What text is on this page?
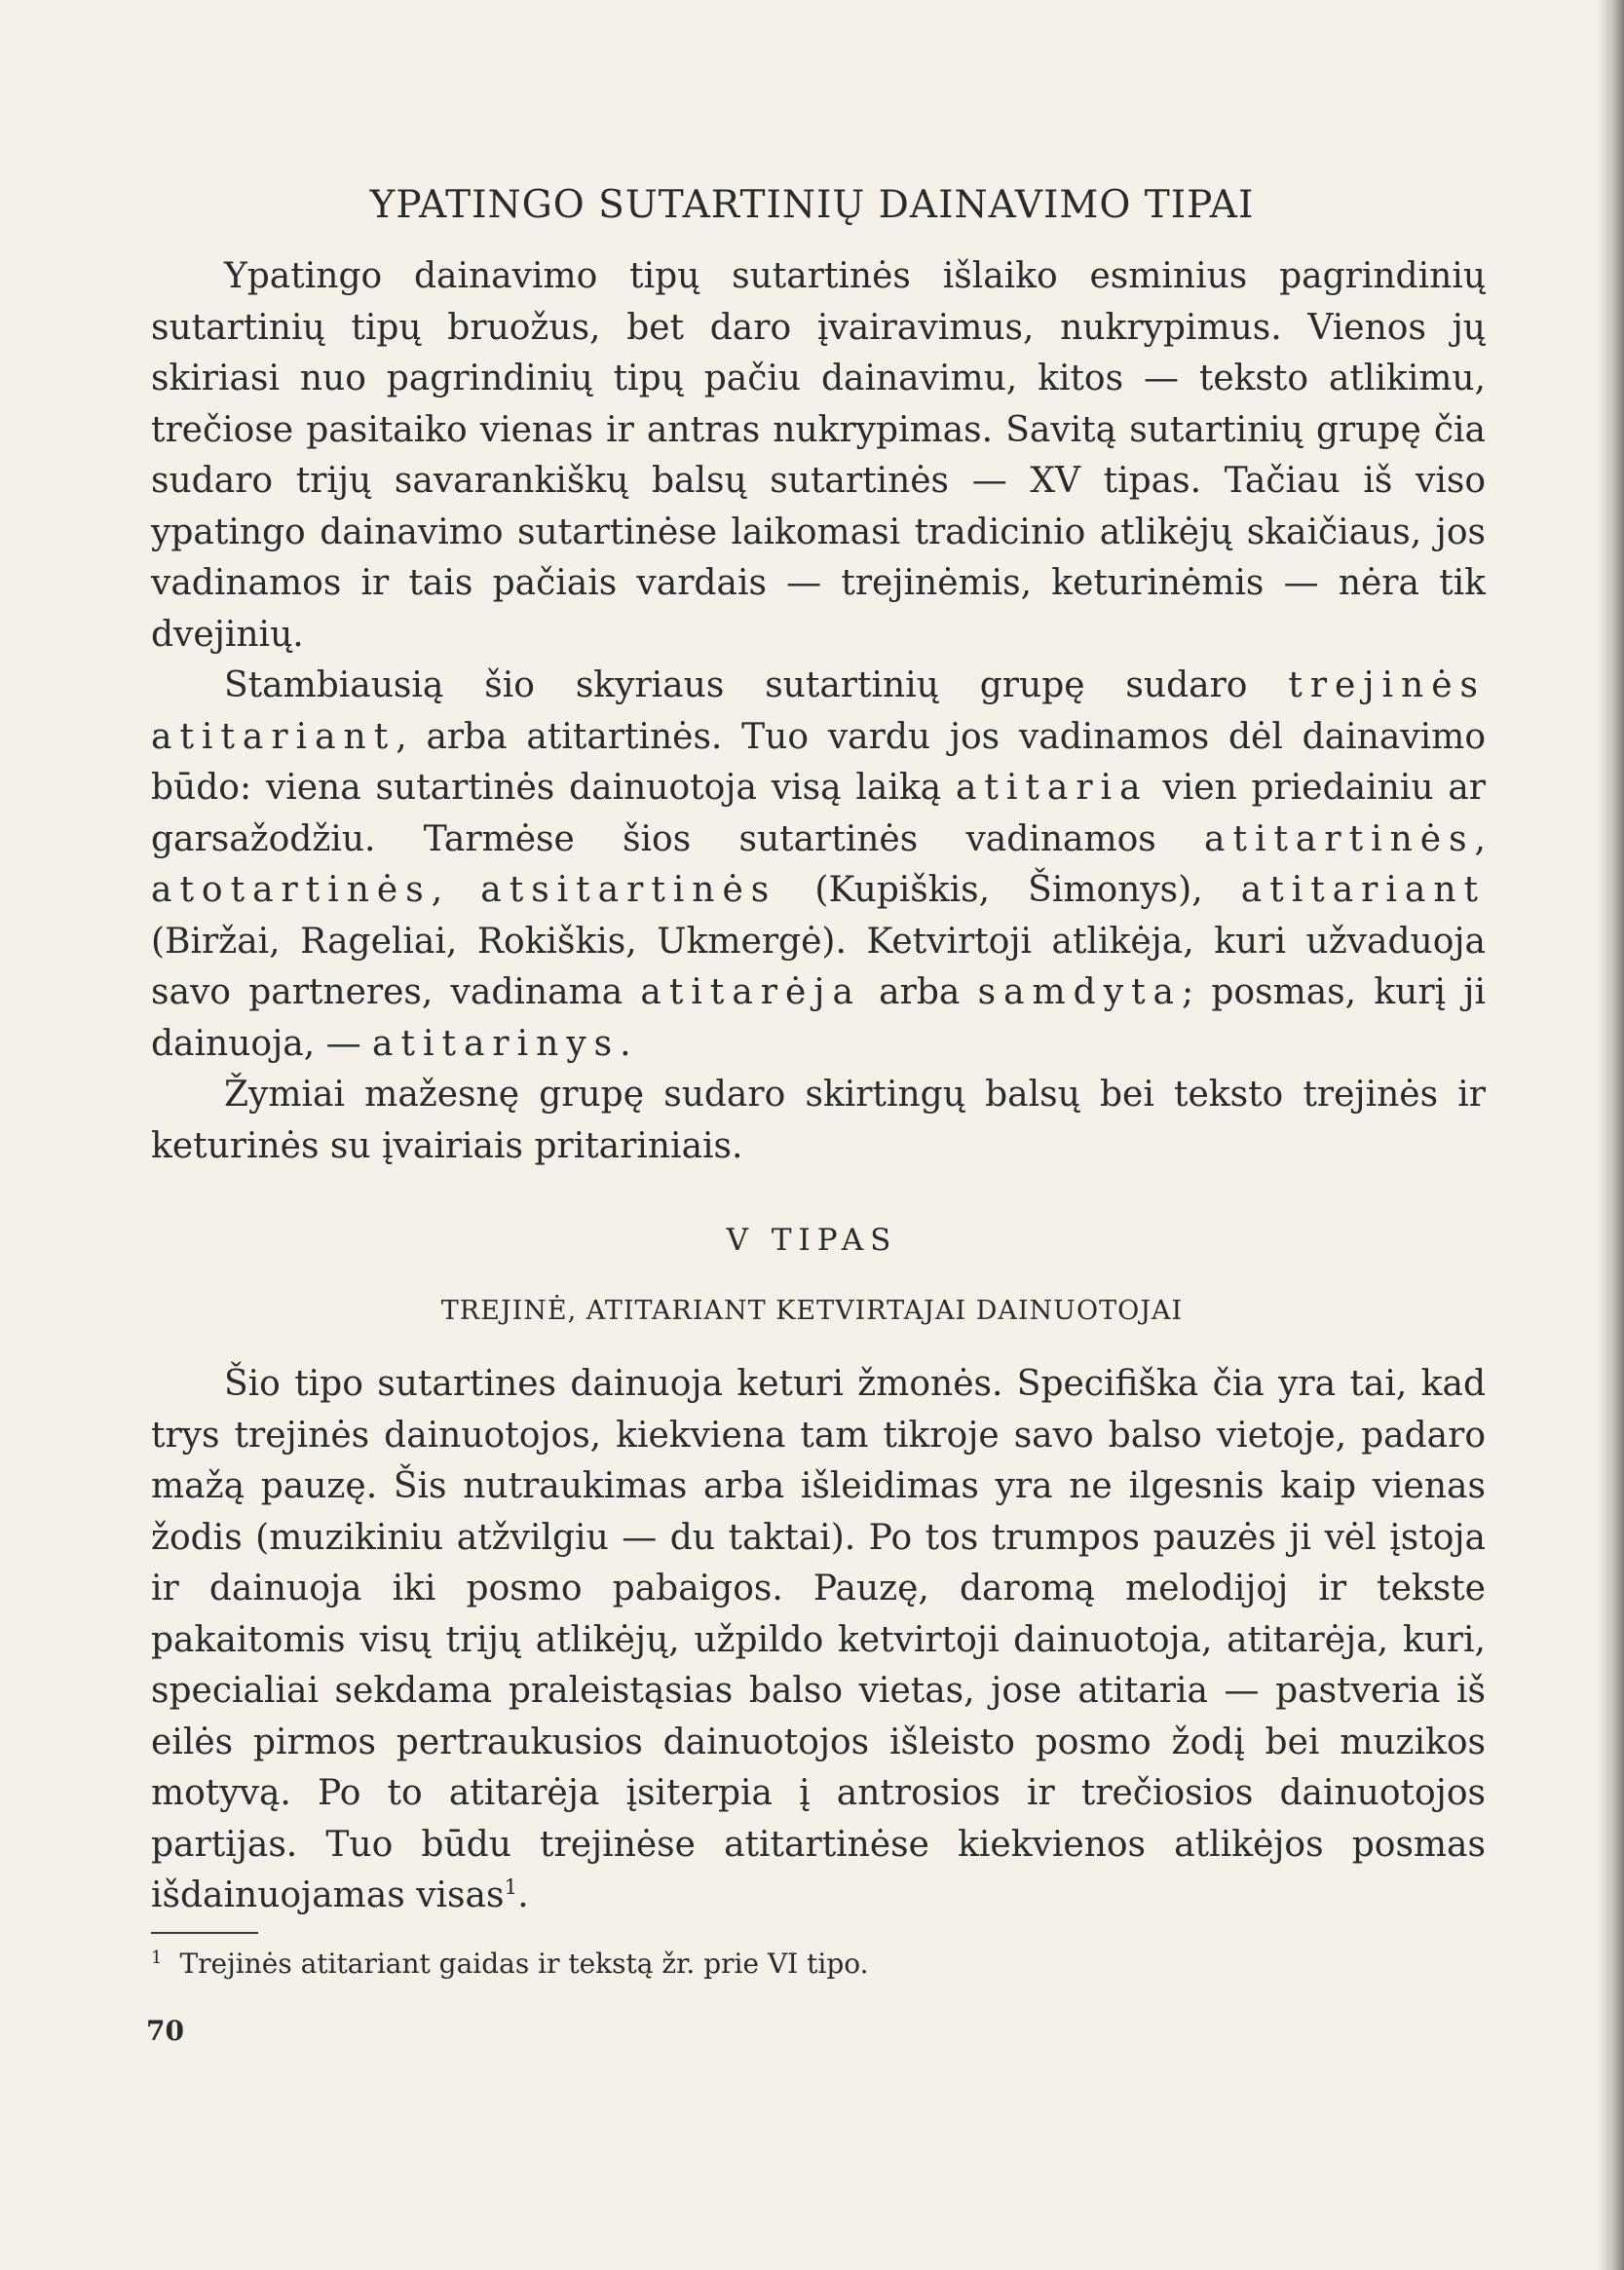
YPATINGO SUTARTINIŲ DAINAVIMO TIPAI

Ypatingo dainavimo tipų sutartinės išlaiko esminius pagrindinių sutartinių tipų bruožus, bet daro įvairavimus, nukrypimus. Vienos jų skiriasi nuo pagrindinių tipų pačiu dainavimu, kitos — teksto atlikimu, trečiose pasitaiko vienas ir antras nukrypimas. Savitą sutartinių grupę čia sudaro trijų savarankiškų balsų sutartinės — XV tipas. Tačiau iš viso ypatingo dainavimo sutartinėse laikomasi tradicinio atlikėjų skaičiaus, jos vadinamos ir tais pačiais vardais — trejinėmis, keturinėmis — nėra tik dvejinių.

Stambiausią šio skyriaus sutartinių grupę sudaro trejinės atitariant, arba atitartinės. Tuo vardu jos vadinamos dėl dainavimo būdo: viena sutartinės dainuotoja visą laiką atitaria vien priedainiu ar garsažodžiu. Tarmėse šios sutartinės vadinamos atitartinės, atotartinės, atsitartinės (Kupiškis, Šimonys), atitariant (Biržai, Rageliai, Rokiškis, Ukmergė). Ketvirtoji atlikėja, kuri užvaduoja savo partneres, vadinama atitarėja arba samdyta; posmas, kurį ji dainuoja, — atitarinys.

Žymiai mažesnę grupę sudaro skirtingų balsų bei teksto trejinės ir keturinės su įvairiais pritariniais.

V TIPAS
TREJINĖ, ATITARIANT KETVIRTAJAI DAINUOTOJAI

Šio tipo sutartines dainuoja keturi žmonės. Specifiška čia yra tai, kad trys trejinės dainuotojos, kiekviena tam tikroje savo balso vietoje, padaro mažą pauzę. Šis nutraukimas arba išleidimas yra ne ilgesnis kaip vienas žodis (muzikiniu atžvilgiu — du taktai). Po tos trumpos pauzės ji vėl įstoja ir dainuoja iki posmo pabaigos. Pauzę, daromą melodijoj ir tekste pakaitomis visų trijų atlikėjų, užpildo ketvirtoji dainuotoja, atitarėja, kuri, specialiai sekdama praleistąsias balso vietas, jose atitaria — pastveria iš eilės pirmos pertraukusios dainuotojos išleisto posmo žodį bei muzikos motyvą. Po to atitarėja įsiterpia į antrosios ir trečiosios dainuotojos partijas. Tuo būdu trejinėse atitartinėse kiekvienos atlikėjos posmas išdainuojamas visas$^1$.

$^1$ Trejinės atitariant gaidas ir tekstą žr. prie VI tipo.
70
